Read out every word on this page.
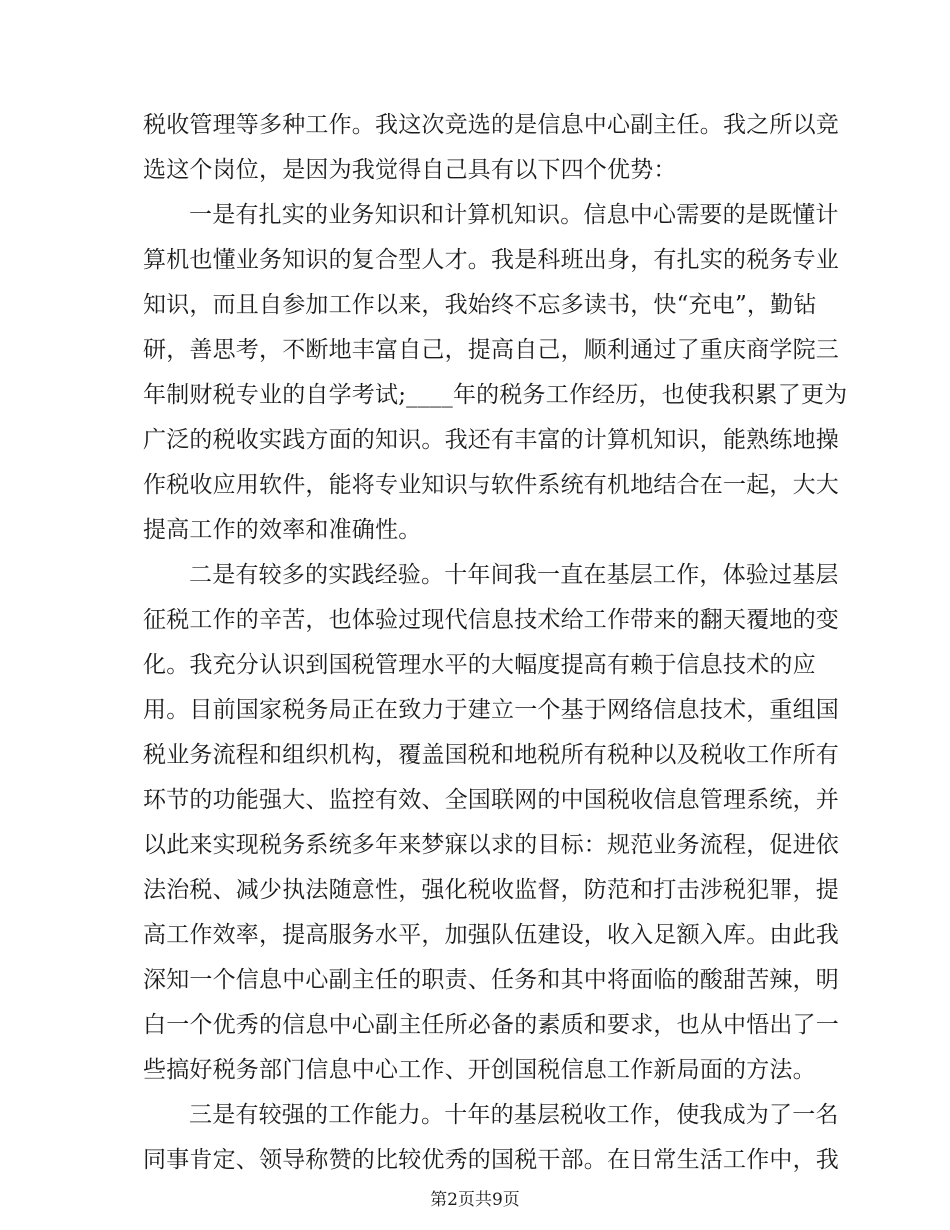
税收管理等多种工作。我这次竞选的是信息中心副主任。我之所以竞
选这个岗位，是因为我觉得自己具有以下四个优势：
一是有扎实的业务知识和计算机知识。信息中心需要的是既懂计
算机也懂业务知识的复合型人才。我是科班出身，有扎实的税务专业
知识，而且自参加工作以来，我始终不忘多读书，快“充电”，勤钻
研，善思考，不断地丰富自己，提高自己，顺利通过了重庆商学院三
年制财税专业的自学考试;____年的税务工作经历，也使我积累了更为
广泛的税收实践方面的知识。我还有丰富的计算机知识，能熟练地操
作税收应用软件，能将专业知识与软件系统有机地结合在一起，大大
提高工作的效率和准确性。
二是有较多的实践经验。十年间我一直在基层工作，体验过基层
征税工作的辛苦，也体验过现代信息技术给工作带来的翻天覆地的变
化。我充分认识到国税管理水平的大幅度提高有赖于信息技术的应
用。目前国家税务局正在致力于建立一个基于网络信息技术，重组国
税业务流程和组织机构，覆盖国税和地税所有税种以及税收工作所有
环节的功能强大、监控有效、全国联网的中国税收信息管理系统，并
以此来实现税务系统多年来梦寐以求的目标：规范业务流程，促进依
法治税、减少执法随意性，强化税收监督，防范和打击涉税犯罪，提
高工作效率，提高服务水平，加强队伍建设，收入足额入库。由此我
深知一个信息中心副主任的职责、任务和其中将面临的酸甜苦辣，明
白一个优秀的信息中心副主任所必备的素质和要求，也从中悟出了一
些搞好税务部门信息中心工作、开创国税信息工作新局面的方法。
三是有较强的工作能力。十年的基层税收工作，使我成为了一名
同事肯定、领导称赞的比较优秀的国税干部。在日常生活工作中，我
第2页共9页
